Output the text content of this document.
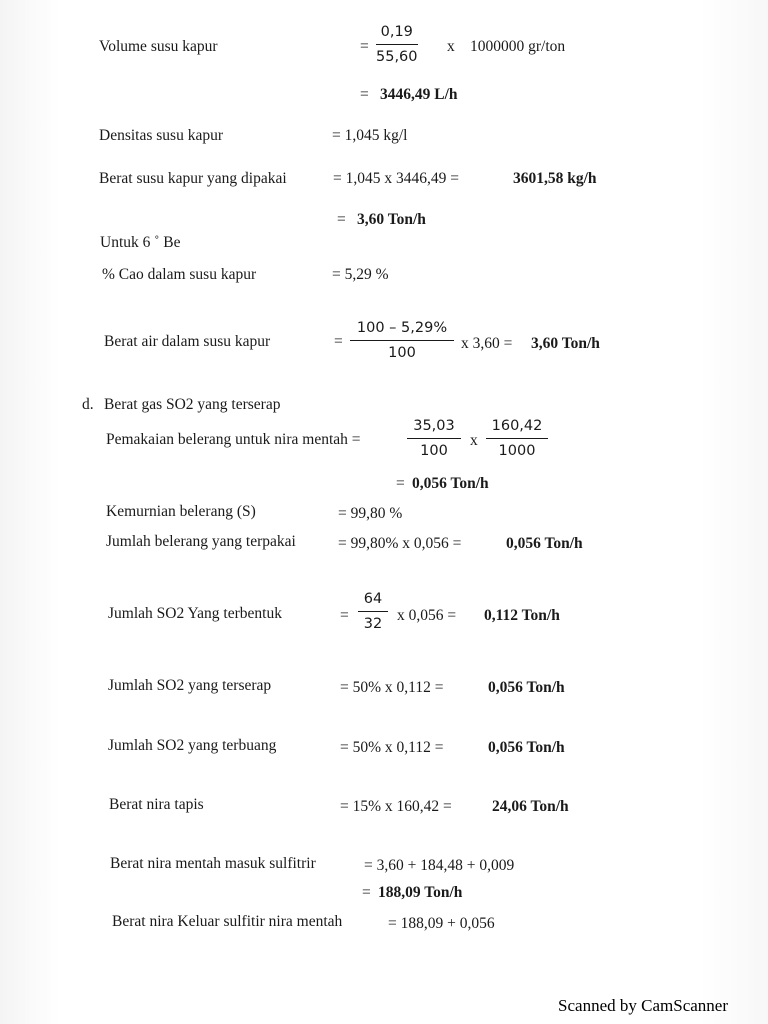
Volume susu kapur	= $\frac{0,19}{55,60}$ x 1000000 gr/ton
= 3446,49 L/h
Densitas susu kapur	= 1,045 kg/l
Berat susu kapur yang dipakai	= 1,045 x 3446,49 =	3601,58 kg/h
= 3,60 Ton/h
Untuk 6 ˚ Be
% Cao dalam susu kapur	= 5,29 %
Berat air dalam susu kapur	= $\frac{100 - 5,29\%}{100}$ x 3,60 = 3,60 Ton/h
d. Berat gas SO2 yang terserap
Pemakaian belerang untuk nira mentah =	$\frac{35,03}{100}$ x $\frac{160,42}{1000}$
= 0,056 Ton/h
Kemurnian belerang (S)	= 99,80 %
Jumlah belerang yang terpakai	= 99,80% x 0,056 =	0,056 Ton/h
Jumlah SO2 Yang terbentuk	= $\frac{64}{32}$ x 0,056 = 0,112 Ton/h
Jumlah SO2 yang terserap	= 50% x 0,112 =	0,056 Ton/h
Jumlah SO2 yang terbuang	= 50% x 0,112 =	0,056 Ton/h
Berat nira tapis	= 15% x 160,42 =	24,06 Ton/h
Berat nira mentah masuk sulfitrir	= 3,60 + 184,48 + 0,009
= 188,09 Ton/h
Berat nira Keluar sulfitir nira mentah	= 188,09 + 0,056
Scanned by CamScanner
